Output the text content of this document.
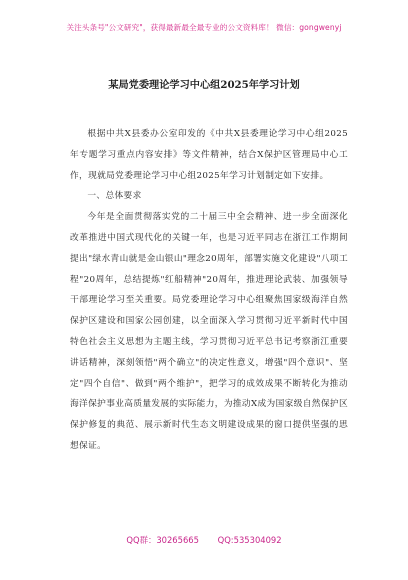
关注头条号"公文研究"，获得最新最全最专业的公文资料库！ 微信：gongwenyj
某局党委理论学习中心组2025年学习计划

根据中共X县委办公室印发的《中共X县委理论学习中心组2025年专题学习重点内容安排》等文件精神，结合X保护区管理局中心工作，现就局党委理论学习中心组2025年学习计划制定如下安排。

一、总体要求

今年是全面贯彻落实党的二十届三中全会精神、进一步全面深化改革推进中国式现代化的关键一年，也是习近平同志在浙江工作期间提出"绿水青山就是金山银山"理念20周年，部署实施文化建设"八项工程"20周年，总结提炼"红船精神"20周年，推进理论武装、加强领导干部理论学习至关重要。局党委理论学习中心组聚焦国家级海洋自然保护区建设和国家公园创建，以全面深入学习贯彻习近平新时代中国特色社会主义思想为主题主线，学习贯彻习近平总书记考察浙江重要讲话精神，深刻领悟"两个确立"的决定性意义，增强"四个意识"、坚定"四个自信"、做到"两个维护"，把学习的成效成果不断转化为推动海洋保护事业高质量发展的实际能力，为推动X成为国家级自然保护区保护修复的典范、展示新时代生态文明建设成果的窗口提供坚强的思想保证。

QQ群：30265665 QQ:535304092
